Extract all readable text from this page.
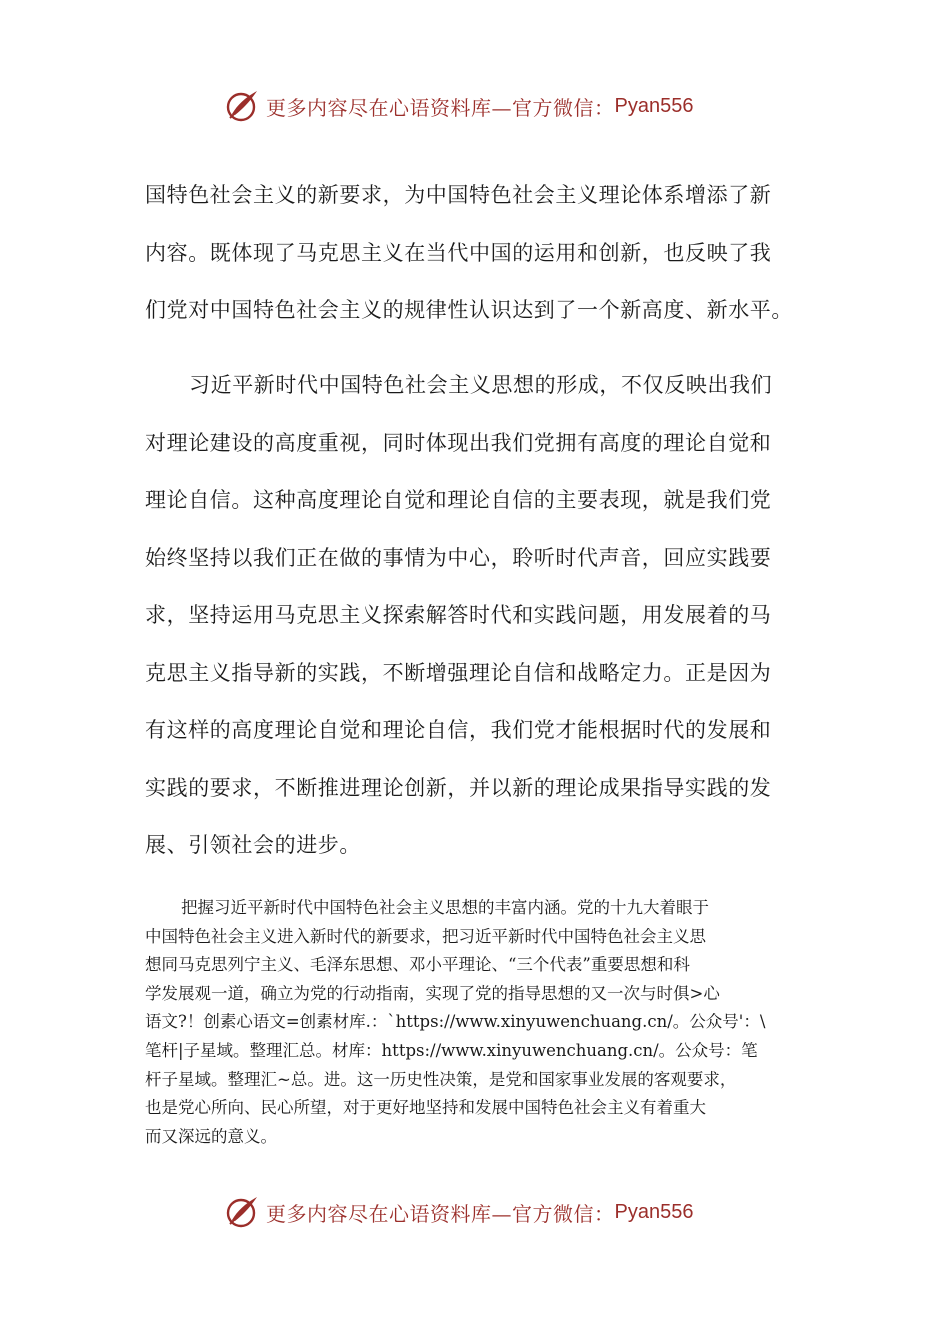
更多内容尽在心语资料库—官方微信： Pyan556
国特色社会主义的新要求，为中国特色社会主义理论体系增添了新
内容。既体现了马克思主义在当代中国的运用和创新，也反映了我
们党对中国特色社会主义的规律性认识达到了一个新高度、新水平。
习近平新时代中国特色社会主义思想的形成，不仅反映出我们
对理论建设的高度重视，同时体现出我们党拥有高度的理论自觉和
理论自信。这种高度理论自觉和理论自信的主要表现，就是我们党
始终坚持以我们正在做的事情为中心，聆听时代声音，回应实践要
求，坚持运用马克思主义探索解答时代和实践问题，用发展着的马
克思主义指导新的实践，不断增强理论自信和战略定力。正是因为
有这样的高度理论自觉和理论自信，我们党才能根据时代的发展和
实践的要求，不断推进理论创新，并以新的理论成果指导实践的发
展、引领社会的进步。
把握习近平新时代中国特色社会主义思想的丰富内涵。党的十九大着眼于
中国特色社会主义进入新时代的新要求，把习近平新时代中国特色社会主义思
想同马克思列宁主义、毛泽东思想、邓小平理论、“三个代表”重要思想和科
学发展观一道，确立为党的行动指南，实现了党的指导思想的又一次与时俱>心
语文?！创素心语文=创素材库.：`https://www.xinyuwenchuang.cn/。公众号'：\
笔杆|子星域。整理汇总。材库：https://www.xinyuwenchuang.cn/。公众号：笔
杆子星域。整理汇~总。进。这一历史性决策，是党和国家事业发展的客观要求，
也是党心所向、民心所望，对于更好地坚持和发展中国特色社会主义有着重大
而又深远的意义。
更多内容尽在心语资料库—官方微信： Pyan556
